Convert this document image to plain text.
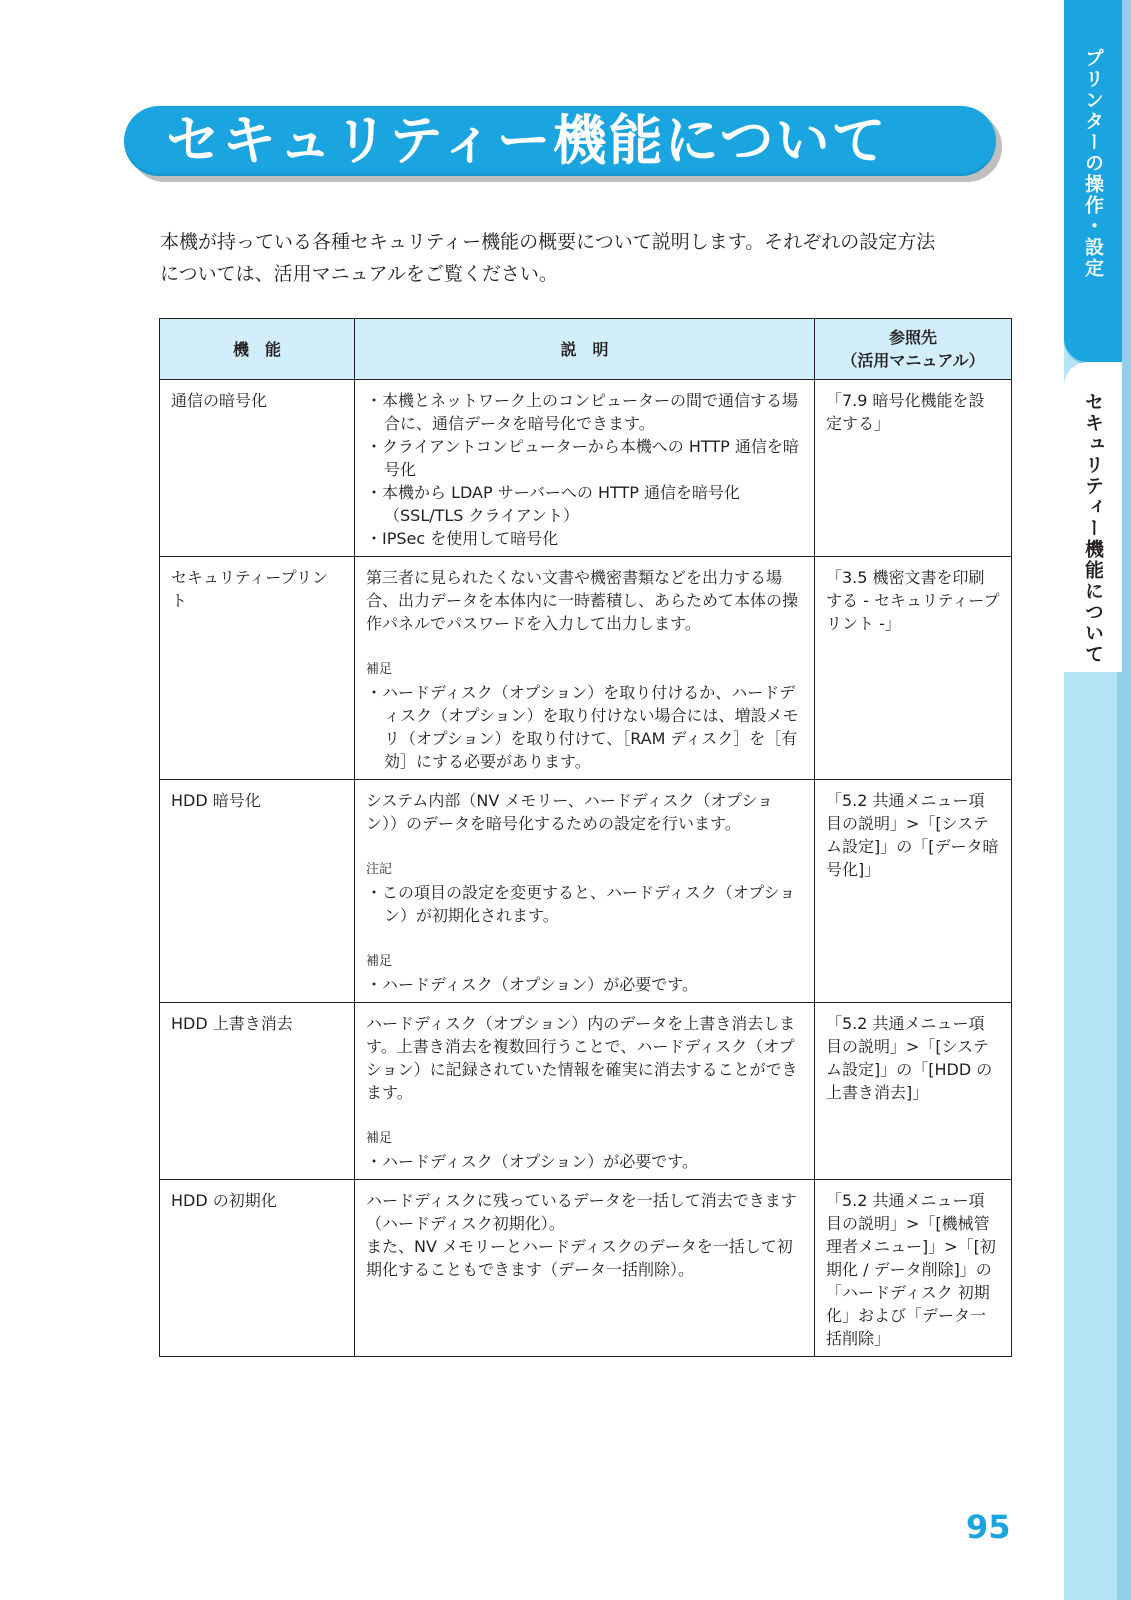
プリンターの操作・設定
セキュリティー機能について
セキュリティー機能について

本機が持っている各種セキュリティー機能の概要について説明します。それぞれの設定方法

については、活用マニュアルをご覧ください。

機　能	説　明	参照先
（活用マニュアル）

通信の暗号化	・本機とネットワーク上のコンピューターの間で通信する場合に、通信データを暗号化できます。
・クライアントコンピューターから本機への HTTP 通信を暗号化
・本機から LDAP サーバーへの HTTP 通信を暗号化（SSL/TLS クライアント）
・IPSec を使用して暗号化	「7.9 暗号化機能を設定する」
セキュリティープリント	第三者に見られたくない文書や機密書類などを出力する場合、出力データを本体内に一時蓄積し、あらためて本体の操作パネルでパスワードを入力して出力します。
補足
・ハードディスク（オプション）を取り付けるか、ハードディスク（オプション）を取り付けない場合には、増設メモリ（オプション）を取り付けて、［RAM ディスク］を［有効］にする必要があります。	「3.5 機密文書を印刷する - セキュリティープリント -」
HDD 暗号化	システム内部（NV メモリー、ハードディスク（オプション））のデータを暗号化するための設定を行います。
注記
・この項目の設定を変更すると、ハードディスク（オプション）が初期化されます。
補足
・ハードディスク（オプション）が必要です。	「5.2 共通メニュー項目の説明」>「[システム設定]」の「[データ暗号化]」
HDD 上書き消去	ハードディスク（オプション）内のデータを上書き消去します。上書き消去を複数回行うことで、ハードディスク（オプション）に記録されていた情報を確実に消去することができます。
補足
・ハードディスク（オプション）が必要です。	「5.2 共通メニュー項目の説明」>「[システム設定]」の「[HDD の上書き消去]」
HDD の初期化	ハードディスクに残っているデータを一括して消去できます（ハードディスク初期化）。
また、NV メモリーとハードディスクのデータを一括して初期化することもできます（データ一括削除）。	「5.2 共通メニュー項目の説明」>「[機械管理者メニュー]」>「[初期化 / データ削除]」の「ハードディスク 初期化」および「データ一括削除」
95
